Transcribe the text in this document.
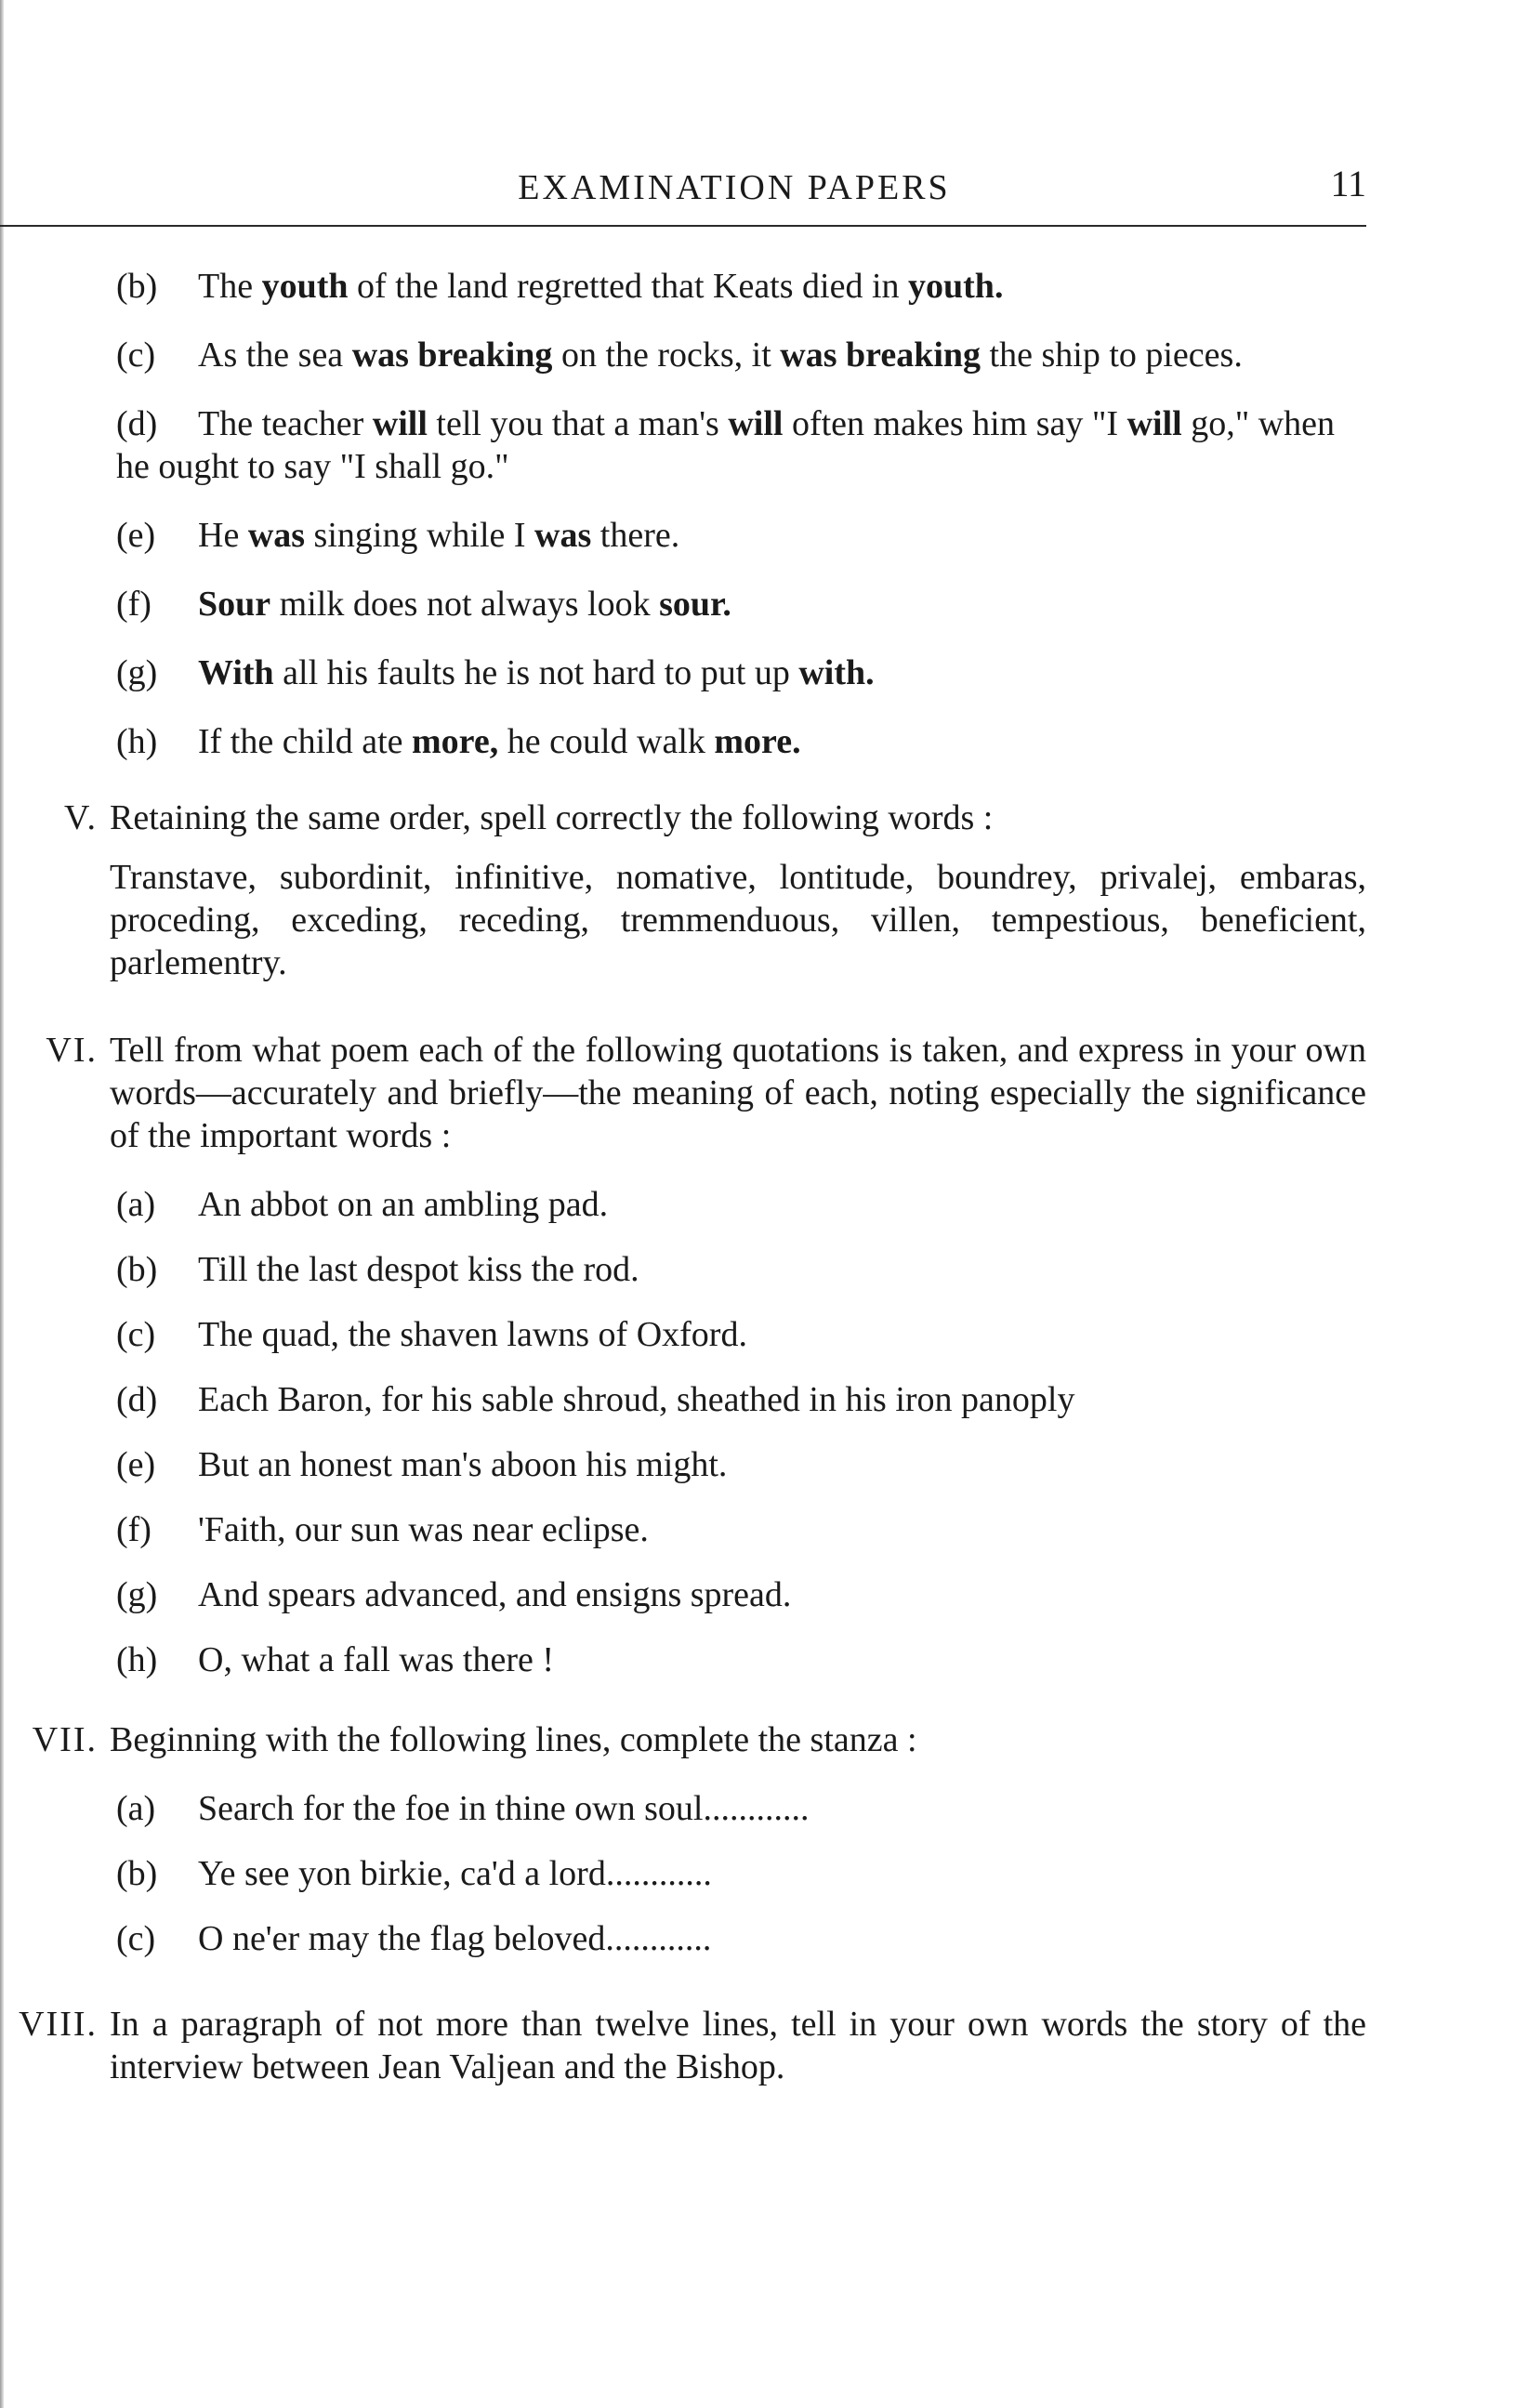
EXAMINATION PAPERS	11

(b) The youth of the land regretted that Keats died in youth.

(c) As the sea was breaking on the rocks, it was breaking the ship to pieces.

(d) The teacher will tell you that a man's will often makes him say "I will go," when he ought to say "I shall go."

(e) He was singing while I was there.

(f) Sour milk does not always look sour.

(g) With all his faults he is not hard to put up with.

(h) If the child ate more, he could walk more.

V. Retaining the same order, spell correctly the following words :

Transtave, subordinit, infinitive, nomative, lontitude, boundrey, privalej, embaras, proceding, exceding, receding, tremmenduous, villen, tempestious, beneficient, parlementry.

VI. Tell from what poem each of the following quotations is taken, and express in your own words—accurately and briefly—the meaning of each, noting especially the significance of the important words :

(a) An abbot on an ambling pad.

(b) Till the last despot kiss the rod.

(c) The quad, the shaven lawns of Oxford.

(d) Each Baron, for his sable shroud, sheathed in his iron panoply

(e) But an honest man's aboon his might.

(f) 'Faith, our sun was near eclipse.

(g) And spears advanced, and ensigns spread.

(h) O, what a fall was there !

VII. Beginning with the following lines, complete the stanza :

(a) Search for the foe in thine own soul............

(b) Ye see yon birkie, ca'd a lord............

(c) O ne'er may the flag beloved............

VIII. In a paragraph of not more than twelve lines, tell in your own words the story of the interview between Jean Valjean and the Bishop.
